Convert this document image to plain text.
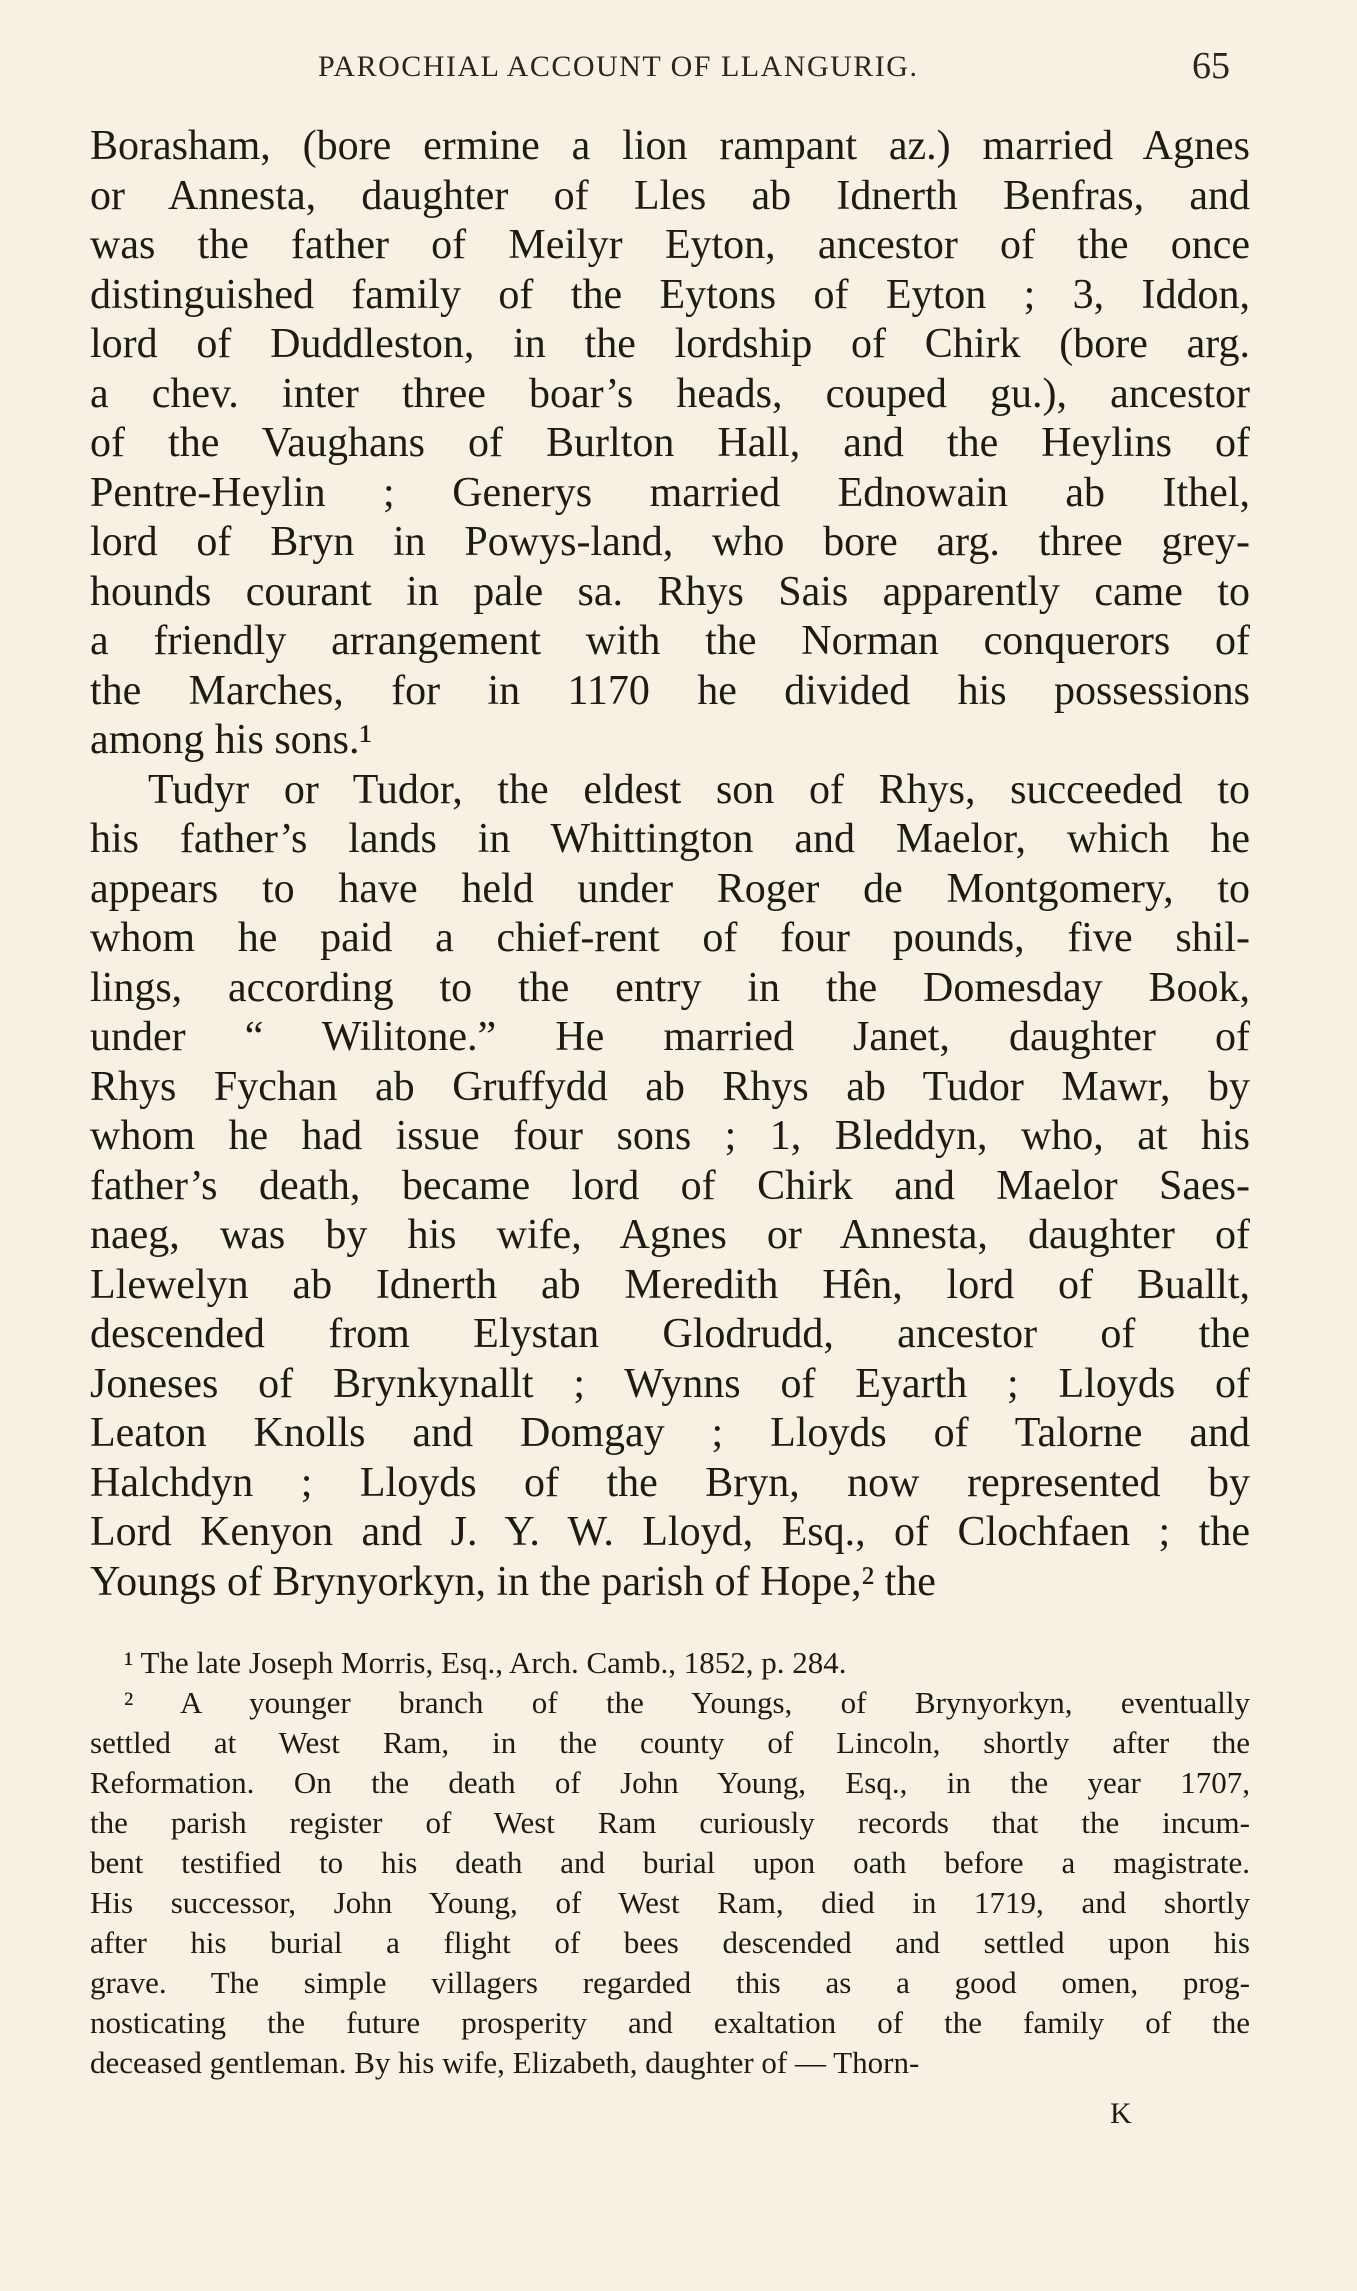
PAROCHIAL ACCOUNT OF LLANGURIG.	65
Borasham, (bore ermine a lion rampant az.) married Agnes
or Annesta, daughter of Lles ab Idnerth Benfras, and
was the father of Meilyr Eyton, ancestor of the once
distinguished family of the Eytons of Eyton ; 3, Iddon,
lord of Duddleston, in the lordship of Chirk (bore arg.
a chev. inter three boar’s heads, couped gu.), ancestor
of the Vaughans of Burlton Hall, and the Heylins of
Pentre-Heylin ; Generys married Ednowain ab Ithel,
lord of Bryn in Powys-land, who bore arg. three grey-
hounds courant in pale sa. Rhys Sais apparently came to
a friendly arrangement with the Norman conquerors of
the Marches, for in 1170 he divided his possessions
among his sons.¹
Tudyr or Tudor, the eldest son of Rhys, succeeded to
his father’s lands in Whittington and Maelor, which he
appears to have held under Roger de Montgomery, to
whom he paid a chief-rent of four pounds, five shil-
lings, according to the entry in the Domesday Book,
under “ Wilitone.” He married Janet, daughter of
Rhys Fychan ab Gruffydd ab Rhys ab Tudor Mawr, by
whom he had issue four sons ; 1, Bleddyn, who, at his
father’s death, became lord of Chirk and Maelor Saes-
naeg, was by his wife, Agnes or Annesta, daughter of
Llewelyn ab Idnerth ab Meredith Hên, lord of Buallt,
descended from Elystan Glodrudd, ancestor of the
Joneses of Brynkynallt ; Wynns of Eyarth ; Lloyds of
Leaton Knolls and Domgay ; Lloyds of Talorne and
Halchdyn ; Lloyds of the Bryn, now represented by
Lord Kenyon and J. Y. W. Lloyd, Esq., of Clochfaen ; the
Youngs of Brynyorkyn, in the parish of Hope,² the
¹ The late Joseph Morris, Esq., Arch. Camb., 1852, p. 284.
² A younger branch of the Youngs, of Brynyorkyn, eventually
settled at West Ram, in the county of Lincoln, shortly after the
Reformation. On the death of John Young, Esq., in the year 1707,
the parish register of West Ram curiously records that the incum-
bent testified to his death and burial upon oath before a magistrate.
His successor, John Young, of West Ram, died in 1719, and shortly
after his burial a flight of bees descended and settled upon his
grave. The simple villagers regarded this as a good omen, prog-
nosticating the future prosperity and exaltation of the family of the
deceased gentleman. By his wife, Elizabeth, daughter of — Thorn-
K
